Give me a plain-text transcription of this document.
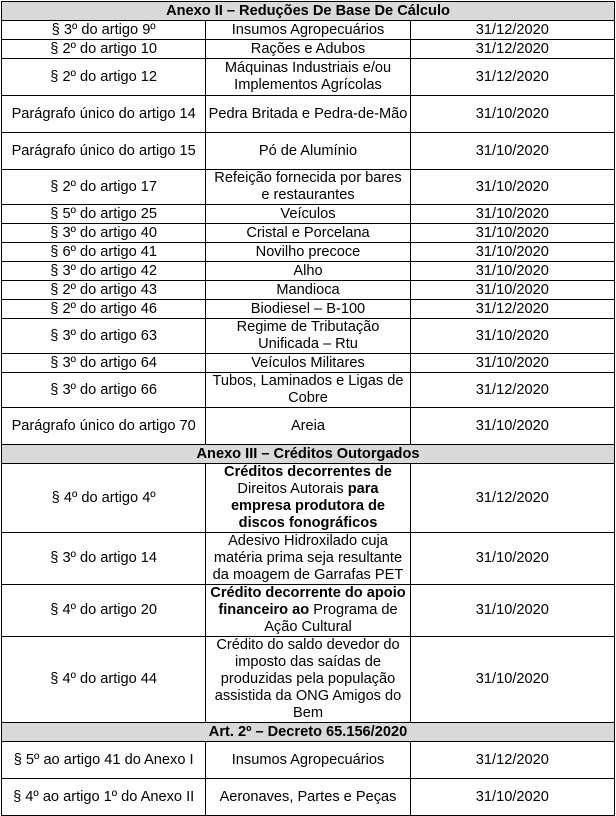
Anexo II – Reduções De Base De Cálculo		
§ 3º do artigo 9º	Insumos Agropecuários	31/12/2020
§ 2º do artigo 10	Rações e Adubos	31/12/2020
§ 2º do artigo 12	Máquinas Industriais e/ou Implementos Agrícolas	31/12/2020
Parágrafo único do artigo 14	Pedra Britada e Pedra-de-Mão	31/10/2020
Parágrafo único do artigo 15	Pó de Alumínio	31/10/2020
§ 2º do artigo 17	Refeição fornecida por bares e restaurantes	31/10/2020
§ 5º do artigo 25	Veículos	31/10/2020
§ 3º do artigo 40	Cristal e Porcelana	31/10/2020
§ 6º do artigo 41	Novilho precoce	31/10/2020
§ 3º do artigo 42	Alho	31/10/2020
§ 2º do artigo 43	Mandioca	31/10/2020
§ 2º do artigo 46	Biodiesel – B-100	31/12/2020
§ 3º do artigo 63	Regime de Tributação Unificada – Rtu	31/10/2020
§ 3º do artigo 64	Veículos Militares	31/10/2020
§ 3º do artigo 66	Tubos, Laminados e Ligas de Cobre	31/12/2020
Parágrafo único do artigo 70	Areia	31/10/2020
Anexo III – Créditos Outorgados		
§ 4º do artigo 4º	Créditos decorrentes de Direitos Autorais para empresa produtora de discos fonográficos	31/12/2020
§ 3º do artigo 14	Adesivo Hidroxilado cuja matéria prima seja resultante da moagem de Garrafas PET	31/10/2020
§ 4º do artigo 20	Crédito decorrente do apoio financeiro ao Programa de Ação Cultural	31/10/2020
§ 4º do artigo 44	Crédito do saldo devedor do imposto das saídas de produzidas pela população assistida da ONG Amigos do Bem	31/10/2020
Art. 2º – Decreto 65.156/2020		
§ 5º ao artigo 41 do Anexo I	Insumos Agropecuários	31/12/2020
§ 4º ao artigo 1º do Anexo II	Aeronaves, Partes e Peças	31/10/2020
